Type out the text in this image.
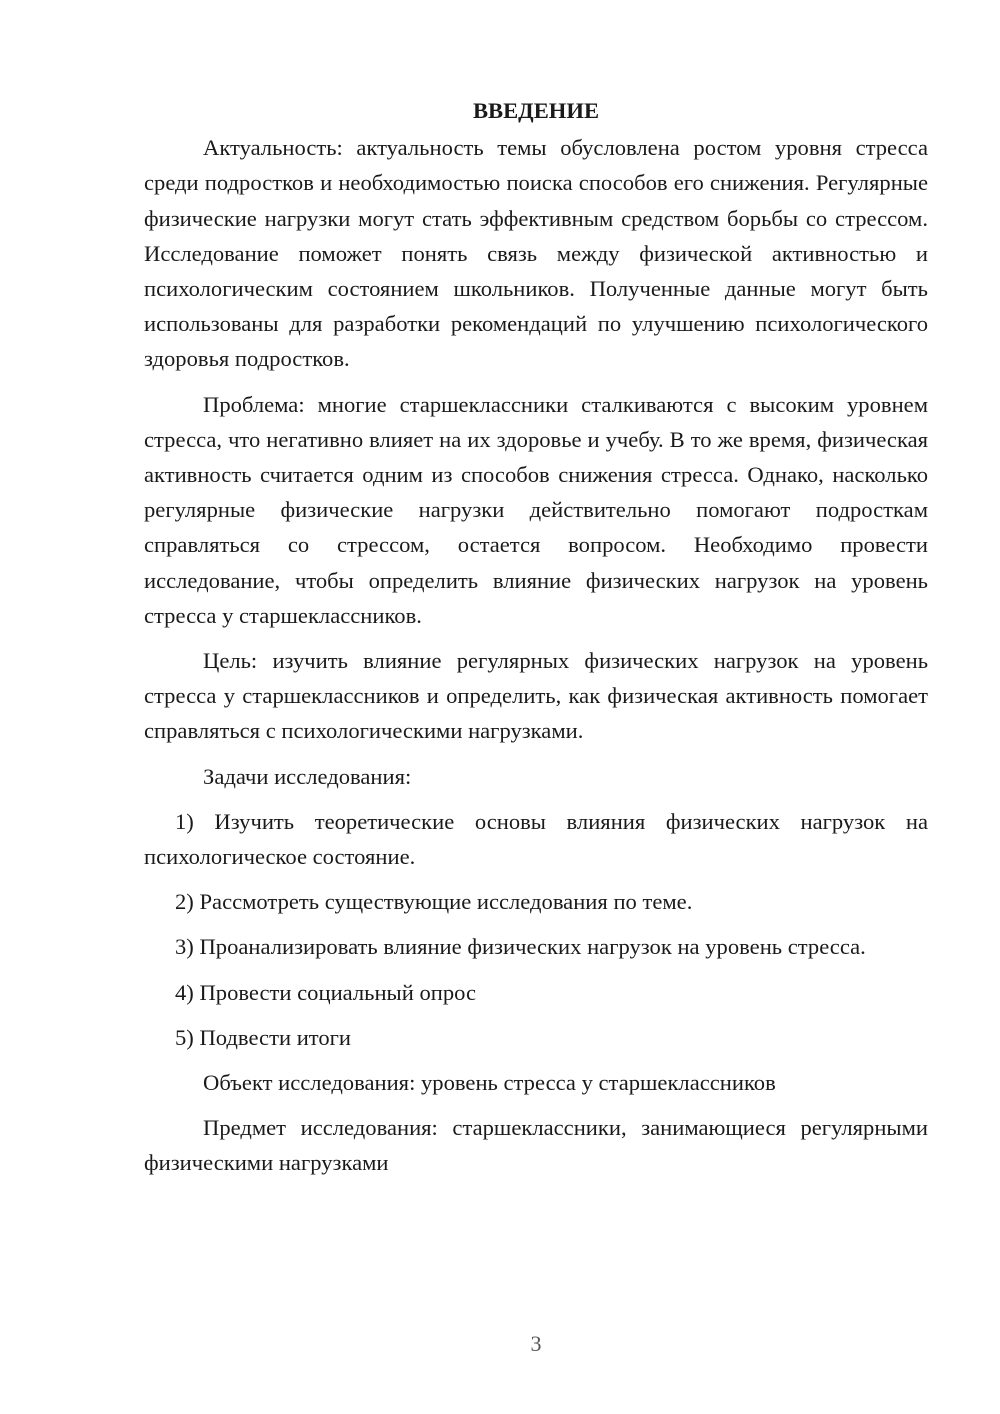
ВВЕДЕНИЕ

Актуальность: актуальность темы обусловлена ростом уровня стресса среди подростков и необходимостью поиска способов его снижения. Регулярные физические нагрузки могут стать эффективным средством борьбы со стрессом. Исследование поможет понять связь между физической активностью и психологическим состоянием школьников. Полученные данные могут быть использованы для разработки рекомендаций по улучшению психологического здоровья подростков.

Проблема: многие старшеклассники сталкиваются с высоким уровнем стресса, что негативно влияет на их здоровье и учебу. В то же время, физическая активность считается одним из способов снижения стресса. Однако, насколько регулярные физические нагрузки действительно помогают подросткам справляться со стрессом, остается вопросом. Необходимо провести исследование, чтобы определить влияние физических нагрузок на уровень стресса у старшеклассников.

Цель: изучить влияние регулярных физических нагрузок на уровень стресса у старшеклассников и определить, как физическая активность помогает справляться с психологическими нагрузками.

Задачи исследования:

1) Изучить теоретические основы влияния физических нагрузок на психологическое состояние.

2) Рассмотреть существующие исследования по теме.

3) Проанализировать влияние физических нагрузок на уровень стресса.

4) Провести социальный опрос

5) Подвести итоги

Объект исследования: уровень стресса у старшеклассников

Предмет исследования: старшеклассники, занимающиеся регулярными физическими нагрузками

3
